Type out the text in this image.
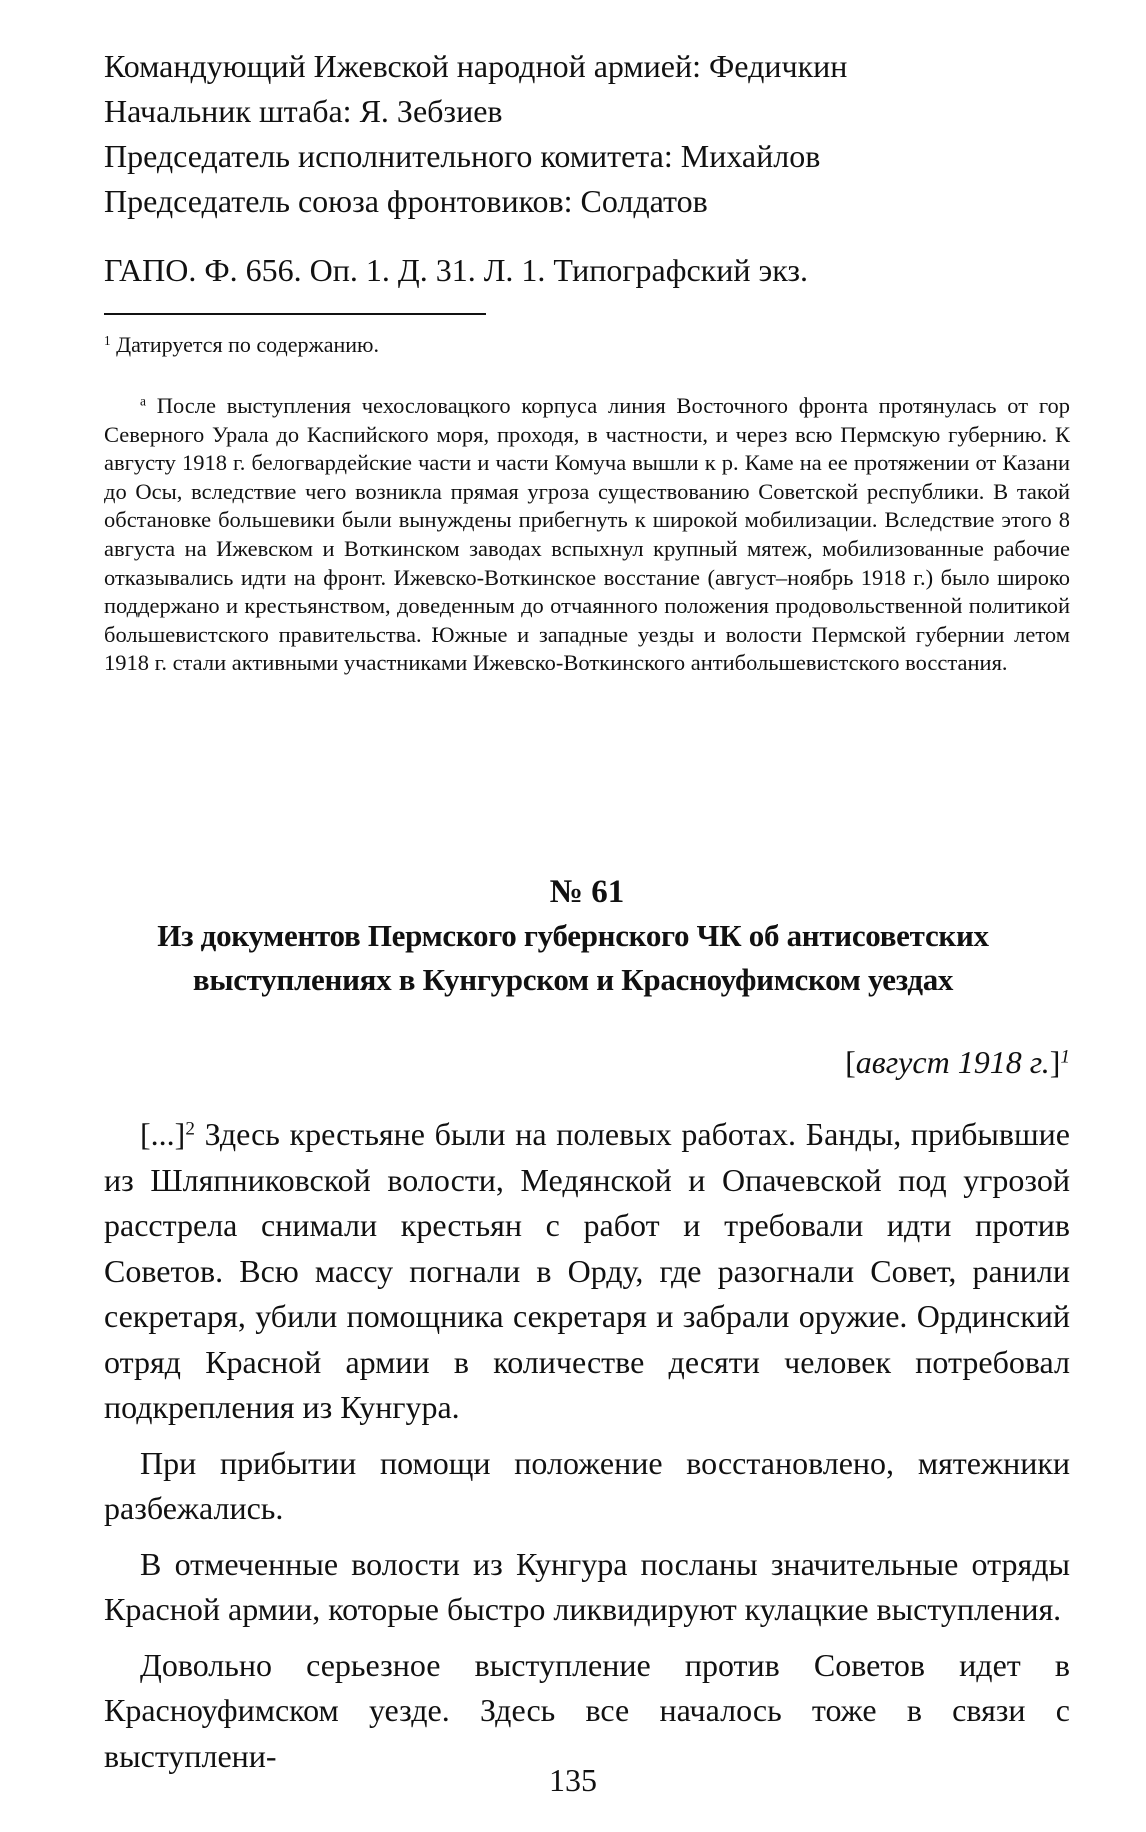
Командующий Ижевской народной армией: Федичкин
Начальник штаба: Я. Зебзиев
Председатель исполнительного комитета: Михайлов
Председатель союза фронтовиков: Солдатов
ГАПО. Ф. 656. Оп. 1. Д. 31. Л. 1. Типографский экз.
$^1$ Датируется по содержанию.
$^a$ После выступления чехословацкого корпуса линия Восточного фронта протянулась от гор Северного Урала до Каспийского моря, проходя, в частности, и через всю Пермскую губернию. К августу 1918 г. белогвардейские части и части Комуча вышли к р. Каме на ее протяжении от Казани до Осы, вследствие чего возникла прямая угроза существованию Советской республики. В такой обстановке большевики были вынуждены прибегнуть к широкой мобилизации. Вследствие этого 8 августа на Ижевском и Воткинском заводах вспыхнул крупный мятеж, мобилизованные рабочие отказывались идти на фронт. Ижевско-Воткинское восстание (август–ноябрь 1918 г.) было широко поддержано и крестьянством, доведенным до отчаянного положения продовольственной политикой большевистского правительства. Южные и западные уезды и волости Пермской губернии летом 1918 г. стали активными участниками Ижевско-Воткинского антибольшевистского восстания.
№ 61
Из документов Пермского губернского ЧК об антисоветских выступлениях в Кунгурском и Красноуфимском уездах
[август 1918 г.]$^1$

[...]$^2$ Здесь крестьяне были на полевых работах. Банды, прибывшие из Шляпниковской волости, Медянской и Опачевской под угрозой расстрела снимали крестьян с работ и требовали идти против Советов. Всю массу погнали в Орду, где разогнали Совет, ранили секретаря, убили помощника секретаря и забрали оружие. Ординский отряд Красной армии в количестве десяти человек потребовал подкрепления из Кунгура.

При прибытии помощи положение восстановлено, мятежники разбежались.

В отмеченные волости из Кунгура посланы значительные отряды Красной армии, которые быстро ликвидируют кулацкие выступления.

Довольно серьезное выступление против Советов идет в Красноуфимском уезде. Здесь все началось тоже в связи с выступлени-

135
